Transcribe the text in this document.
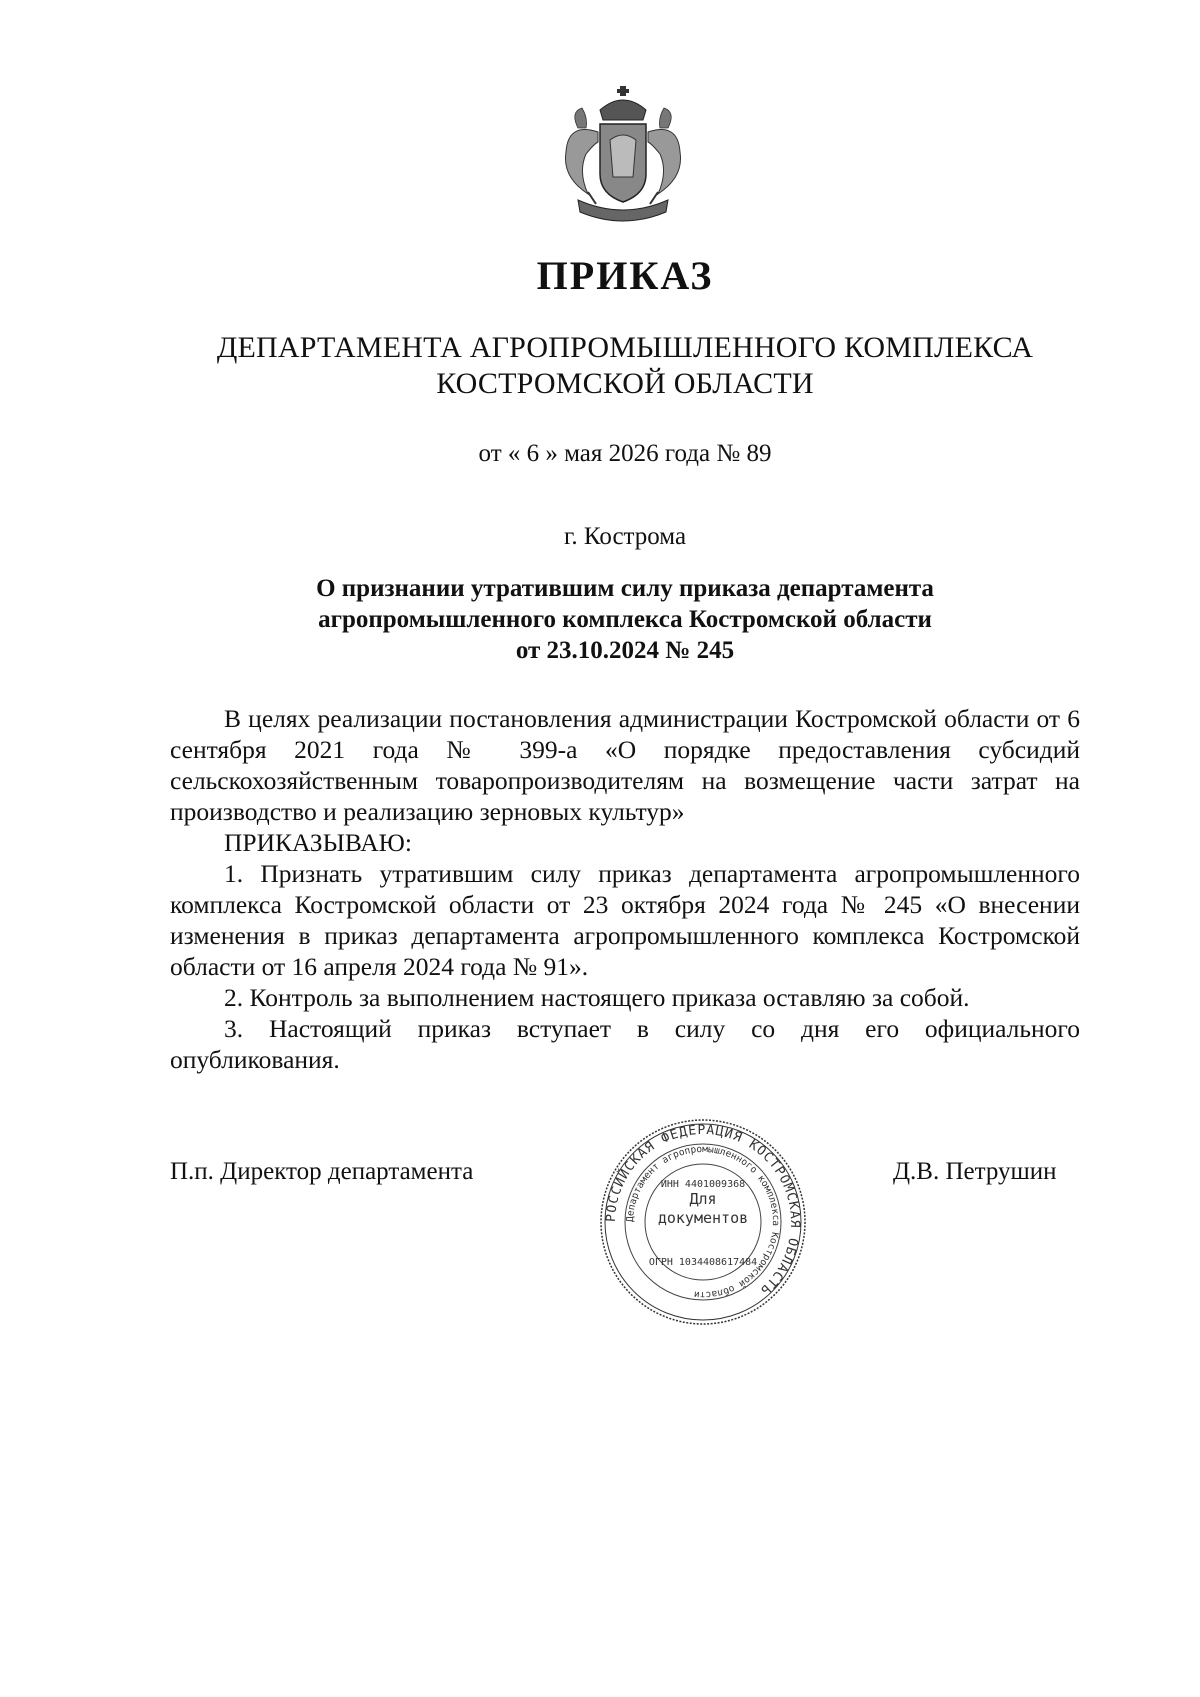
ПРИКАЗ
ДЕПАРТАМЕНТА АГРОПРОМЫШЛЕННОГО КОМПЛЕКСА
КОСТРОМСКОЙ ОБЛАСТИ
от « 6 » мая 2026 года № 89
г. Кострома
О признании утратившим силу приказа департамента
агропромышленного комплекса Костромской области
от 23.10.2024 № 245

В целях реализации постановления администрации Костромской области от 6 сентября 2021 года № 399-а «О порядке предоставления субсидий сельскохозяйственным товаропроизводителям на возмещение части затрат на производство и реализацию зерновых культур»

ПРИКАЗЫВАЮ:

1. Признать утратившим силу приказ департамента агропромышленного комплекса Костромской области от 23 октября 2024 года № 245 «О внесении изменения в приказ департамента агропромышленного комплекса Костромской области от 16 апреля 2024 года № 91».

2. Контроль за выполнением настоящего приказа оставляю за собой.

3. Настоящий приказ вступает в силу со дня его официального опубликования.

П.п. Директор департамента	Д.В. Петрушин
РОССИЙСКАЯ ФЕДЕРАЦИЯ КОСТРОМСКАЯ ОБЛАСТЬ
Департамент агропромышленного комплекса Костромской области
ИНН 4401009368
ОГРН 1034408617484
Для
документов
